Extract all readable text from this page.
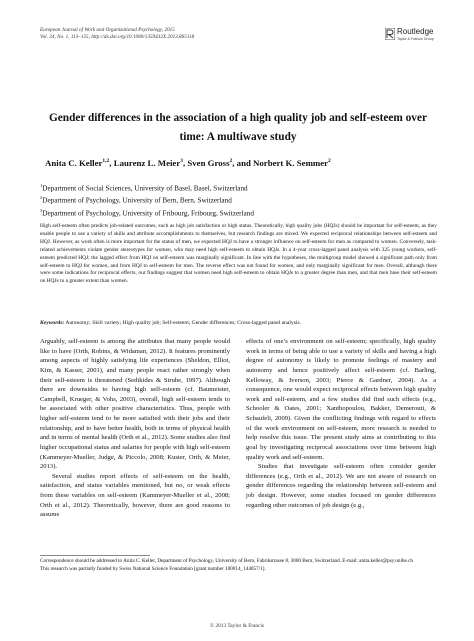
European Journal of Work and Organizational Psychology, 2015
Vol. 24, No. 1, 113–125, http://dx.doi.org/10.1080/1359432X.2013.865118
Routledge
Taylor & Francis Group
Gender differences in the association of a high quality job and self-esteem over time: A multiwave study
Anita C. Keller$^{1,2}$, Laurenz L. Meier$^3$, Sven Gross$^2$, and Norbert K. Semmer$^2$
$^1$Department of Social Sciences, University of Basel, Basel, Switzerland
$^2$Department of Psychology, University of Bern, Bern, Switzerland
$^3$Department of Psychology, University of Fribourg, Fribourg, Switzerland
High self-esteem often predicts job-related outcomes, such as high job satisfaction or high status. Theoretically, high quality jobs (HQJs) should be important for self-esteem, as they enable people to use a variety of skills and attribute accomplishments to themselves, but research findings are mixed. We expected reciprocal relationships between self-esteem and HQJ. However, as work often is more important for the status of men, we expected HQJ to have a stronger influence on self-esteem for men as compared to women. Conversely, task-related achievements violate gender stereotypes for women, who may need high self-esteem to obtain HQJs. In a 4-year cross-lagged panel analysis with 325 young workers, self-esteem predicted HQJ; the lagged effect from HQJ on self-esteem was marginally significant. In line with the hypotheses, the multigroup model showed a significant path only from self-esteem to HQJ for women, and from HQJ to self-esteem for men. The reverse effect was not found for women, and only marginally significant for men. Overall, although there were some indications for reciprocal effects, our findings suggest that women need high self-esteem to obtain HQJs to a greater degree than men, and that men base their self-esteem on HQJs to a greater extent than women.
Keywords: Autonomy; Skill variety; High quality job; Self-esteem; Gender differences; Cross-lagged panel analysis.

Arguably, self-esteem is among the attributes that many people would like to have (Orth, Robins, & Widaman, 2012). It features prominently among aspects of highly satisfying life experiences (Sheldon, Elliot, Kim, & Kasser, 2001), and many people react rather strongly when their self-esteem is threatened (Sedikides & Strube, 1997). Although there are downsides to having high self-esteem (cf. Baumeister, Campbell, Krueger, & Vohs, 2003), overall, high self-esteem tends to be associated with other positive characteristics. Thus, people with higher self-esteem tend to be more satisfied with their jobs and their relationship, and to have better health, both in terms of physical health and in terms of mental health (Orth et al., 2012). Some studies also find higher occupational status and salaries for people with high self-esteem (Kammeyer-Mueller, Judge, & Piccolo, 2008; Kuster, Orth, & Meier, 2013).

Several studies report effects of self-esteem on the health, satisfaction, and status variables mentioned, but no, or weak effects from these variables on self-esteem (Kammeyer-Mueller et al., 2008; Orth et al., 2012). Theoretically, however, there are good reasons to assume

effects of one’s environment on self-esteem; specifically, high quality work in terms of being able to use a variety of skills and having a high degree of autonomy is likely to promote feelings of mastery and autonomy and hence positively affect self-esteem (cf. Barling, Kelloway, & Iverson, 2003; Pierce & Gardner, 2004). As a consequence, one would expect reciprocal effects between high quality work and self-esteem, and a few studies did find such effects (e.g., Schooler & Oates, 2001; Xanthopoulou, Bakker, Demerouti, & Schaufeli, 2009). Given the conflicting findings with regard to effects of the work environment on self-esteem, more research is needed to help resolve this issue. The present study aims at contributing to this goal by investigating reciprocal associations over time between high quality work and self-esteem.

Studies that investigate self-esteem often consider gender differences (e.g., Orth et al., 2012). We are not aware of research on gender differences regarding the relationship between self-esteem and job design. However, some studies focused on gender differences regarding other outcomes of job design (e.g.,

Correspondence should be addressed to Anita C. Keller, Department of Psychology, University of Bern, Fabrikstrasse 8, 3000 Bern, Switzerland. E-mail: anita.keller@psy.unibe.ch

This research was partially funded by Swiss National Science Foundation [grant number 100014_144057/1].

© 2013 Taylor & Francis
